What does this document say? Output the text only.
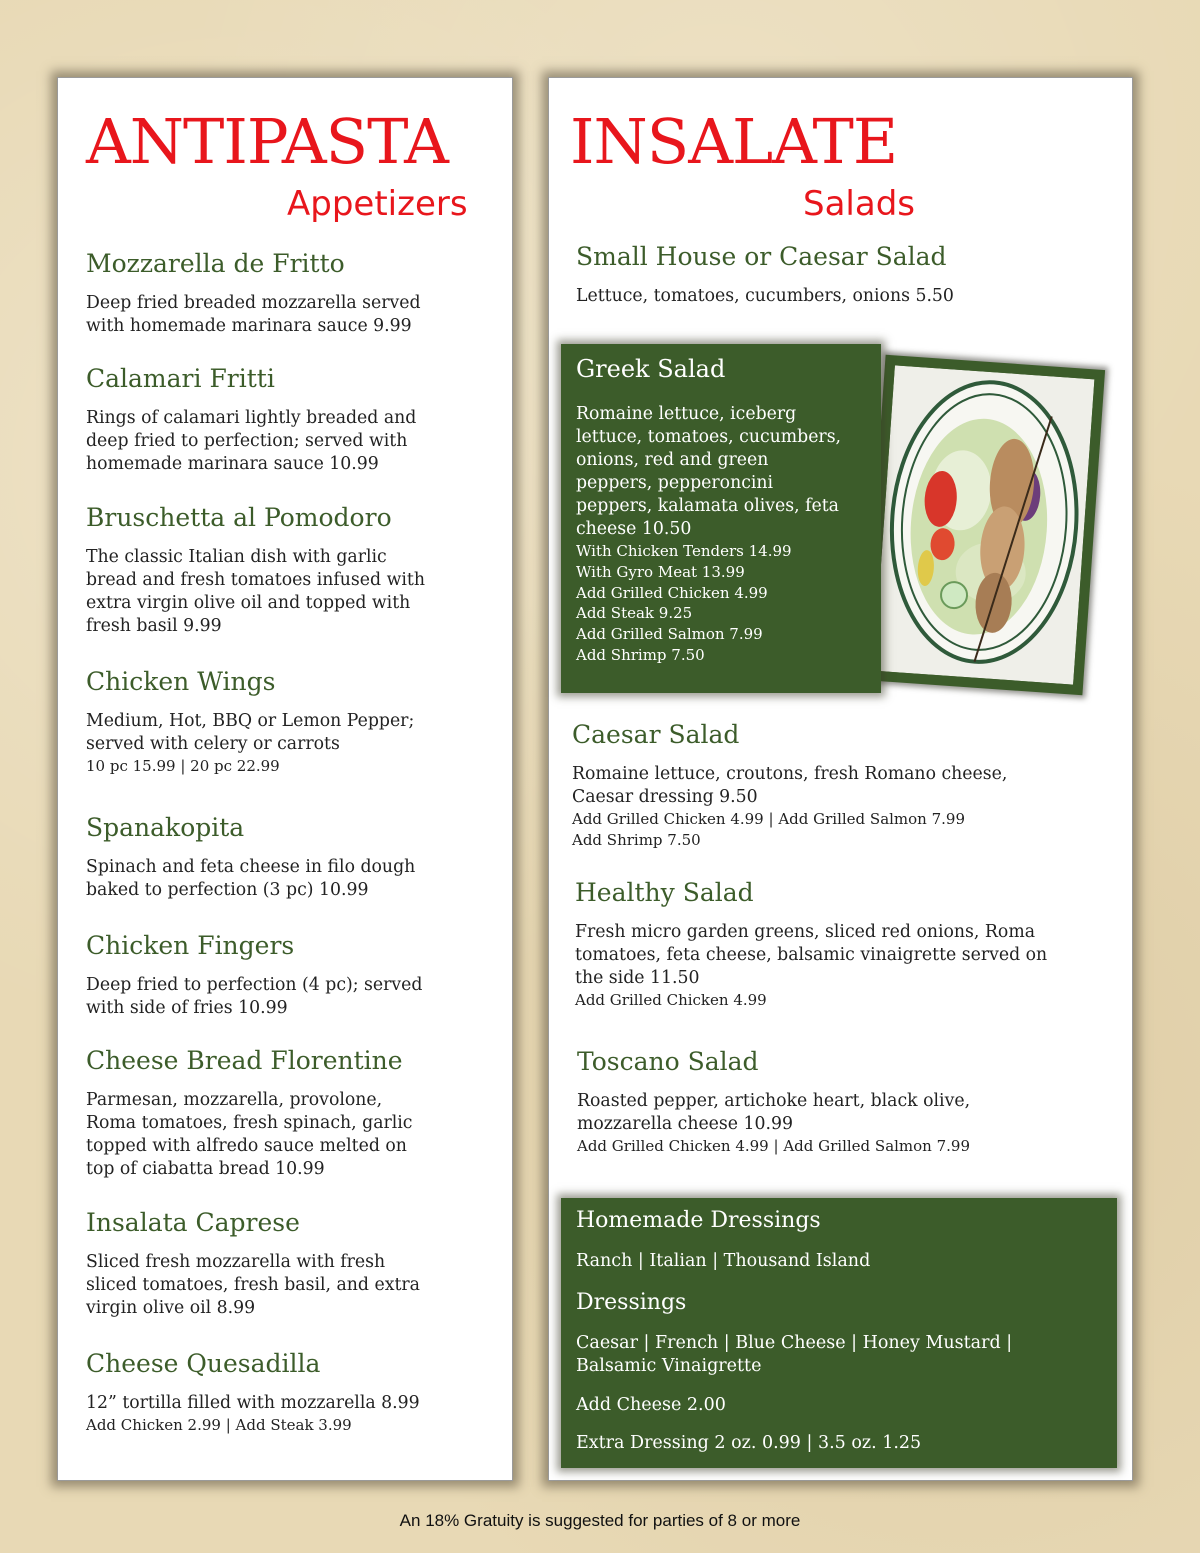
ANTIPASTA
Appetizers
Mozzarella de Fritto

Deep fried breaded mozzarella served
with homemade marinara sauce 9.99

Calamari Fritti

Rings of calamari lightly breaded and
deep fried to perfection; served with
homemade marinara sauce 10.99

Bruschetta al Pomodoro

The classic Italian dish with garlic
bread and fresh tomatoes infused with
extra virgin olive oil and topped with
fresh basil 9.99

Chicken Wings

Medium, Hot, BBQ or Lemon Pepper;
served with celery or carrots

10 pc 15.99 | 20 pc 22.99

Spanakopita

Spinach and feta cheese in filo dough
baked to perfection (3 pc) 10.99

Chicken Fingers

Deep fried to perfection (4 pc); served
with side of fries 10.99

Cheese Bread Florentine

Parmesan, mozzarella, provolone,
Roma tomatoes, fresh spinach, garlic
topped with alfredo sauce melted on
top of ciabatta bread 10.99

Insalata Caprese

Sliced fresh mozzarella with fresh
sliced tomatoes, fresh basil, and extra
virgin olive oil 8.99

Cheese Quesadilla

12” tortilla filled with mozzarella 8.99

Add Chicken 2.99 | Add Steak 3.99

INSALATE
Salads
Small House or Caesar Salad

Lettuce, tomatoes, cucumbers, onions 5.50

Greek Salad

Romaine lettuce, iceberg
lettuce, tomatoes, cucumbers,
onions, red and green
peppers, pepperoncini
peppers, kalamata olives, feta
cheese 10.50

With Chicken Tenders 14.99
With Gyro Meat 13.99
Add Grilled Chicken 4.99
Add Steak 9.25
Add Grilled Salmon 7.99
Add Shrimp 7.50

Caesar Salad

Romaine lettuce, croutons, fresh Romano cheese,
Caesar dressing 9.50

Add Grilled Chicken 4.99 | Add Grilled Salmon 7.99
Add Shrimp 7.50

Healthy Salad

Fresh micro garden greens, sliced red onions, Roma
tomatoes, feta cheese, balsamic vinaigrette served on
the side 11.50

Add Grilled Chicken 4.99

Toscano Salad

Roasted pepper, artichoke heart, black olive,
mozzarella cheese 10.99

Add Grilled Chicken 4.99 | Add Grilled Salmon 7.99

Homemade Dressings

Ranch | Italian | Thousand Island

Dressings

Caesar | French | Blue Cheese | Honey Mustard |
Balsamic Vinaigrette

Add Cheese 2.00

Extra Dressing 2 oz. 0.99 | 3.5 oz. 1.25

An 18% Gratuity is suggested for parties of 8 or more
